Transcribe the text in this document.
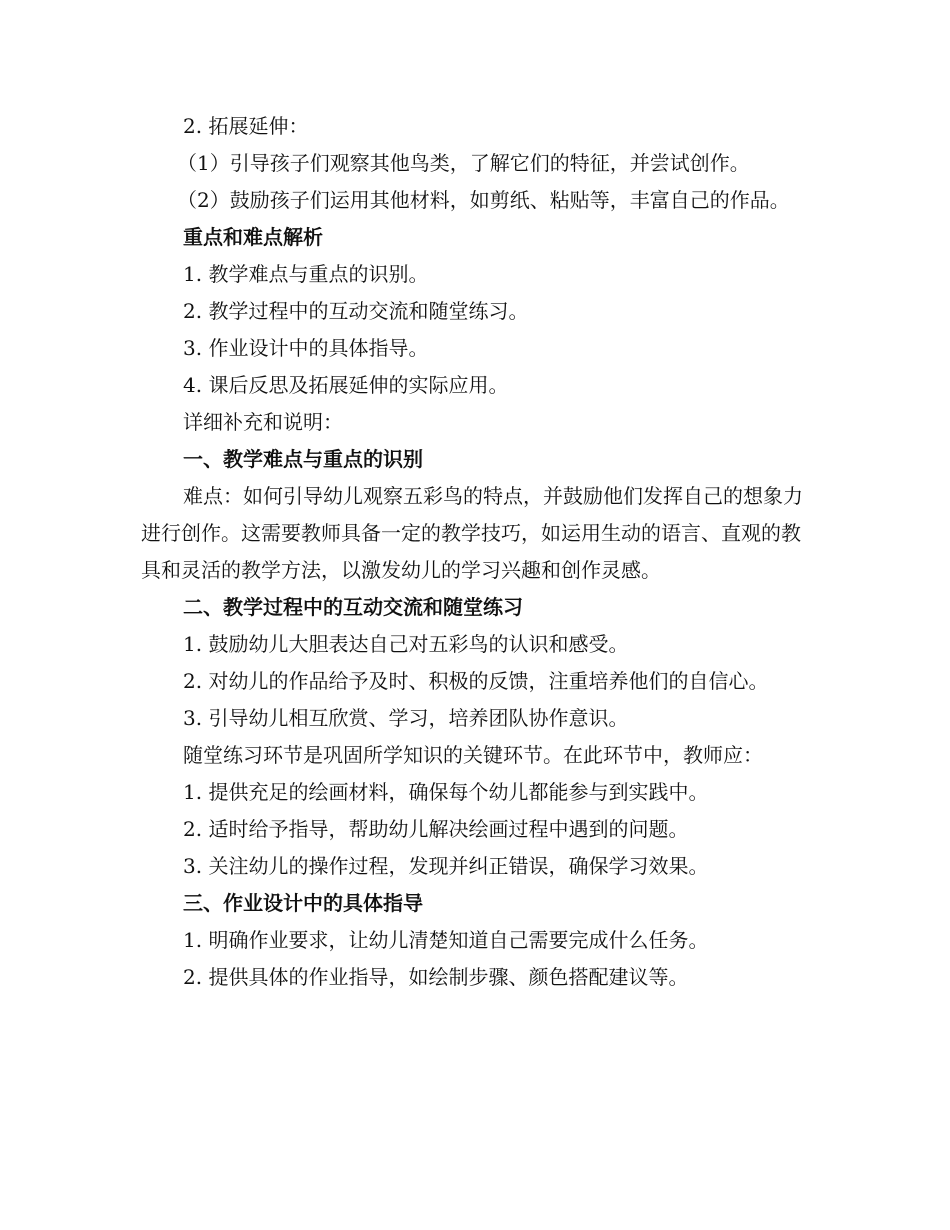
2. 拓展延伸：

（1）引导孩子们观察其他鸟类，了解它们的特征，并尝试创作。

（2）鼓励孩子们运用其他材料，如剪纸、粘贴等，丰富自己的作品。

重点和难点解析

1. 教学难点与重点的识别。

2. 教学过程中的互动交流和随堂练习。

3. 作业设计中的具体指导。

4. 课后反思及拓展延伸的实际应用。

详细补充和说明：

一、教学难点与重点的识别

难点：如何引导幼儿观察五彩鸟的特点，并鼓励他们发挥自己的想象力进行创作。这需要教师具备一定的教学技巧，如运用生动的语言、直观的教具和灵活的教学方法，以激发幼儿的学习兴趣和创作灵感。

二、教学过程中的互动交流和随堂练习

1. 鼓励幼儿大胆表达自己对五彩鸟的认识和感受。

2. 对幼儿的作品给予及时、积极的反馈，注重培养他们的自信心。

3. 引导幼儿相互欣赏、学习，培养团队协作意识。

随堂练习环节是巩固所学知识的关键环节。在此环节中，教师应：

1. 提供充足的绘画材料，确保每个幼儿都能参与到实践中。

2. 适时给予指导，帮助幼儿解决绘画过程中遇到的问题。

3. 关注幼儿的操作过程，发现并纠正错误，确保学习效果。

三、作业设计中的具体指导

1. 明确作业要求，让幼儿清楚知道自己需要完成什么任务。

2. 提供具体的作业指导，如绘制步骤、颜色搭配建议等。
